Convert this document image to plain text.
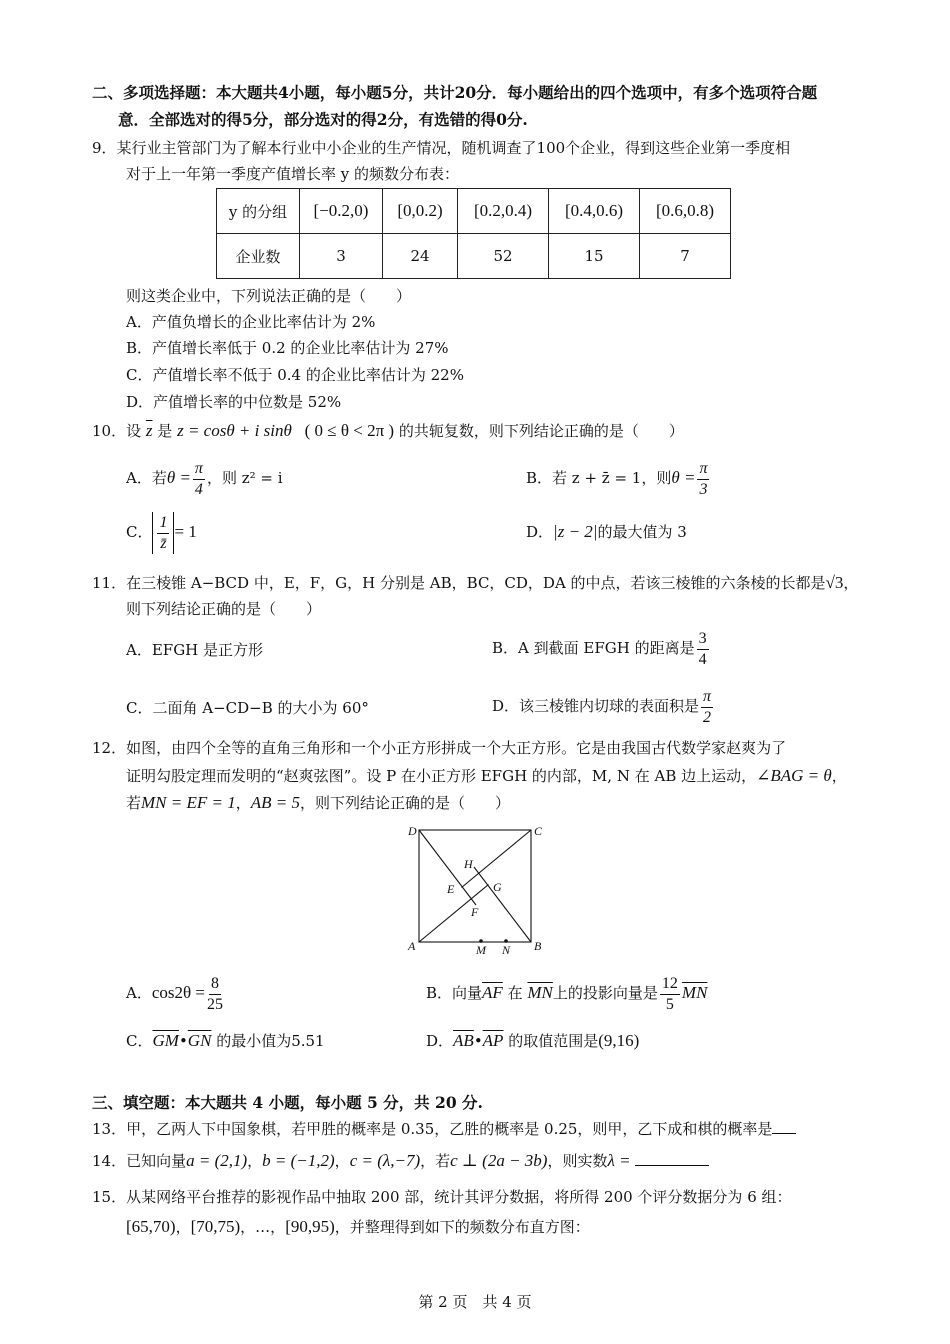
二、多项选择题：本大题共4小题，每小题5分，共计20分．每小题给出的四个选项中，有多个选项符合题
意．全部选对的得5分，部分选对的得2分，有选错的得0分.
9．某行业主管部门为了解本行业中小企业的生产情况，随机调查了100个企业，得到这些企业第一季度相
对于上一年第一季度产值增长率 y 的频数分布表：
y 的分组	[−0.2,0)	[0,0.2)	[0.2,0.4)	[0.4,0.6)	[0.6,0.8)
企业数	3	24	52	15	7
则这类企业中，下列说法正确的是（　　）
A．产值负增长的企业比率估计为 2%
B．产值增长率低于 0.2 的企业比率估计为 27%
C．产值增长率不低于 0.4 的企业比率估计为 22%
D．产值增长率的中位数是 52%
10．设 $\overline{z}$ 是 z = cosθ + i sinθ ( 0 ≤ θ < 2π ) 的共轭复数，则下列结论正确的是（　　）
A．若$\theta = \frac{\pi}{4}$ ，则 z² = i	B．若 z + z̄ = 1，则$\theta = \frac{\pi}{3}$
C． $\frac{1}{z̄} = 1$	D．|z − 2|的最大值为 3
11．在三棱锥 A−BCD 中，E，F，G，H 分别是 AB，BC，CD，DA 的中点，若该三棱锥的六条棱的长都是√3，
则下列结论正确的是（　　）
A．EFGH 是正方形	B．A 到截面 EFGH 的距离是 $\frac{3}{4}$
C．二面角 A−CD−B 的大小为 60°	D．该三棱锥内切球的表面积是 $\frac{\pi}{2}$
12．如图，由四个全等的直角三角形和一个小正方形拼成一个大正方形。它是由我国古代数学家赵爽为了
证明勾股定理而发明的“赵爽弦图”。设 P 在小正方形 EFGH 的内部，M, N 在 AB 边上运动，∠BAG = θ，
若MN = EF = 1，AB = 5，则下列结论正确的是（　　）
A	B
C
D
E
F
G
H
M N
A．$\cos 2\theta = \frac{8}{25}$	B．向量$\overline{AF}$ 在 $\overline{MN}$上的投影向量是 $\frac{12}{5} \overline{MN}$
C．$\overline{GM}•\overline{GN}$ 的最小值为5.51	D．$\overline{AB}•\overline{AP}$ 的取值范围是(9,16)
三、填空题：本大题共 4 小题，每小题 5 分，共 20 分.
13．甲，乙两人下中国象棋，若甲胜的概率是 0.35，乙胜的概率是 0.25，则甲，乙下成和棋的概率是
14．已知向量a = (2,1)，b = (−1,2)，c = (λ,−7)，若c ⊥ (2a − 3b)，则实数λ =
15．从某网络平台推荐的影视作品中抽取 200 部，统计其评分数据，将所得 200 个评分数据分为 6 组：
[65,70)，[70,75)，…，[90,95)，并整理得到如下的频数分布直方图：
第 2 页　共 4 页
